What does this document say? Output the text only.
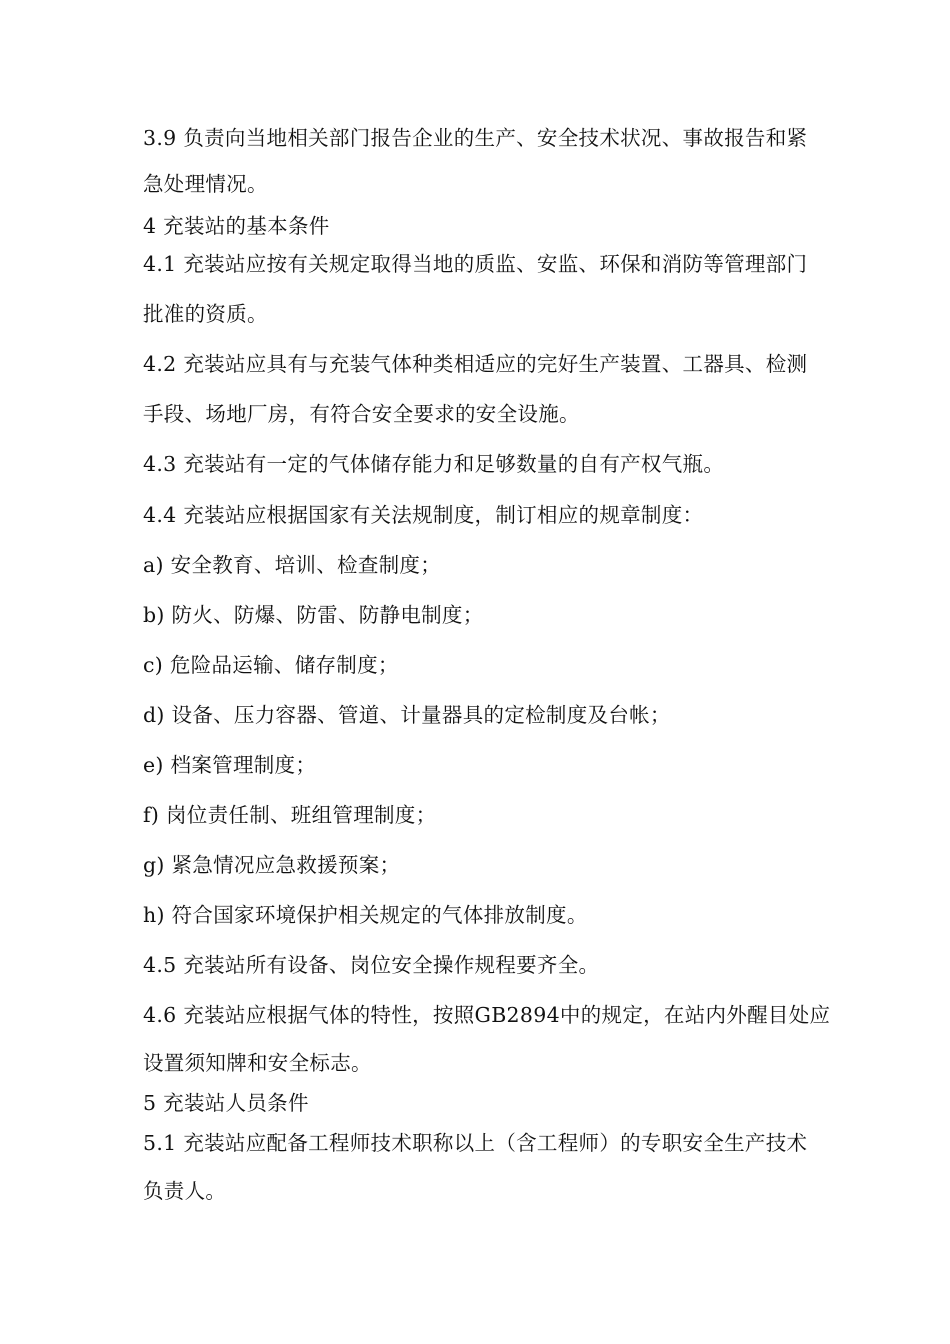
3.9 负责向当地相关部门报告企业的生产、安全技术状况、事故报告和紧
急处理情况。
4 充装站的基本条件
4.1 充装站应按有关规定取得当地的质监、安监、环保和消防等管理部门
批准的资质。
4.2 充装站应具有与充装气体种类相适应的完好生产装置、工器具、检测
手段、场地厂房，有符合安全要求的安全设施。
4.3 充装站有一定的气体储存能力和足够数量的自有产权气瓶。
4.4 充装站应根据国家有关法规制度，制订相应的规章制度：
a) 安全教育、培训、检查制度；
b) 防火、防爆、防雷、防静电制度；
c) 危险品运输、储存制度；
d) 设备、压力容器、管道、计量器具的定检制度及台帐；
e) 档案管理制度；
f) 岗位责任制、班组管理制度；
g) 紧急情况应急救援预案；
h) 符合国家环境保护相关规定的气体排放制度。
4.5 充装站所有设备、岗位安全操作规程要齐全。
4.6 充装站应根据气体的特性，按照GB2894中的规定，在站内外醒目处应
设置须知牌和安全标志。
5 充装站人员条件
5.1 充装站应配备工程师技术职称以上（含工程师）的专职安全生产技术
负责人。
